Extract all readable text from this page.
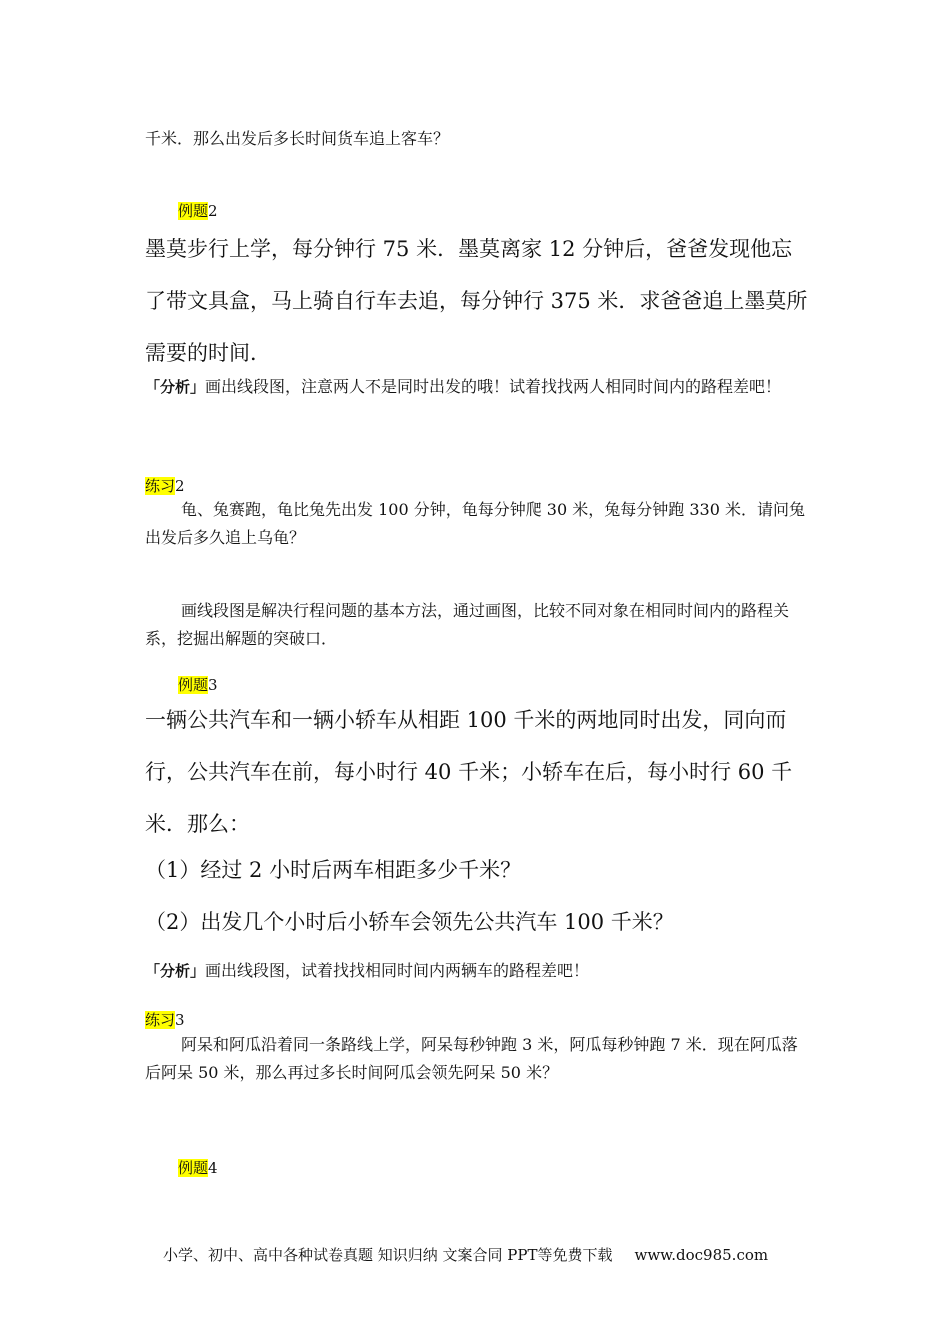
千米．那么出发后多长时间货车追上客车？

例题2

墨莫步行上学，每分钟行 75 米．墨莫离家 12 分钟后，爸爸发现他忘了带文具盒，马上骑自行车去追，每分钟行 375 米．求爸爸追上墨莫所需要的时间．

「分析」画出线段图，注意两人不是同时出发的哦！试着找找两人相同时间内的路程差吧！

练习2

龟、兔赛跑，龟比兔先出发 100 分钟，龟每分钟爬 30 米，兔每分钟跑 330 米．请问兔出发后多久追上乌龟？

画线段图是解决行程问题的基本方法，通过画图，比较不同对象在相同时间内的路程关系，挖掘出解题的突破口．

例题3

一辆公共汽车和一辆小轿车从相距 100 千米的两地同时出发，同向而行，公共汽车在前，每小时行 40 千米；小轿车在后，每小时行 60 千米．那么：

（1）经过 2 小时后两车相距多少千米？

（2）出发几个小时后小轿车会领先公共汽车 100 千米？

「分析」画出线段图，试着找找相同时间内两辆车的路程差吧！

练习3

阿呆和阿瓜沿着同一条路线上学，阿呆每秒钟跑 3 米，阿瓜每秒钟跑 7 米．现在阿瓜落后阿呆 50 米，那么再过多长时间阿瓜会领先阿呆 50 米？

例题4
小学、初中、高中各种试卷真题 知识归纳 文案合同 PPT等免费下载 www.doc985.com
